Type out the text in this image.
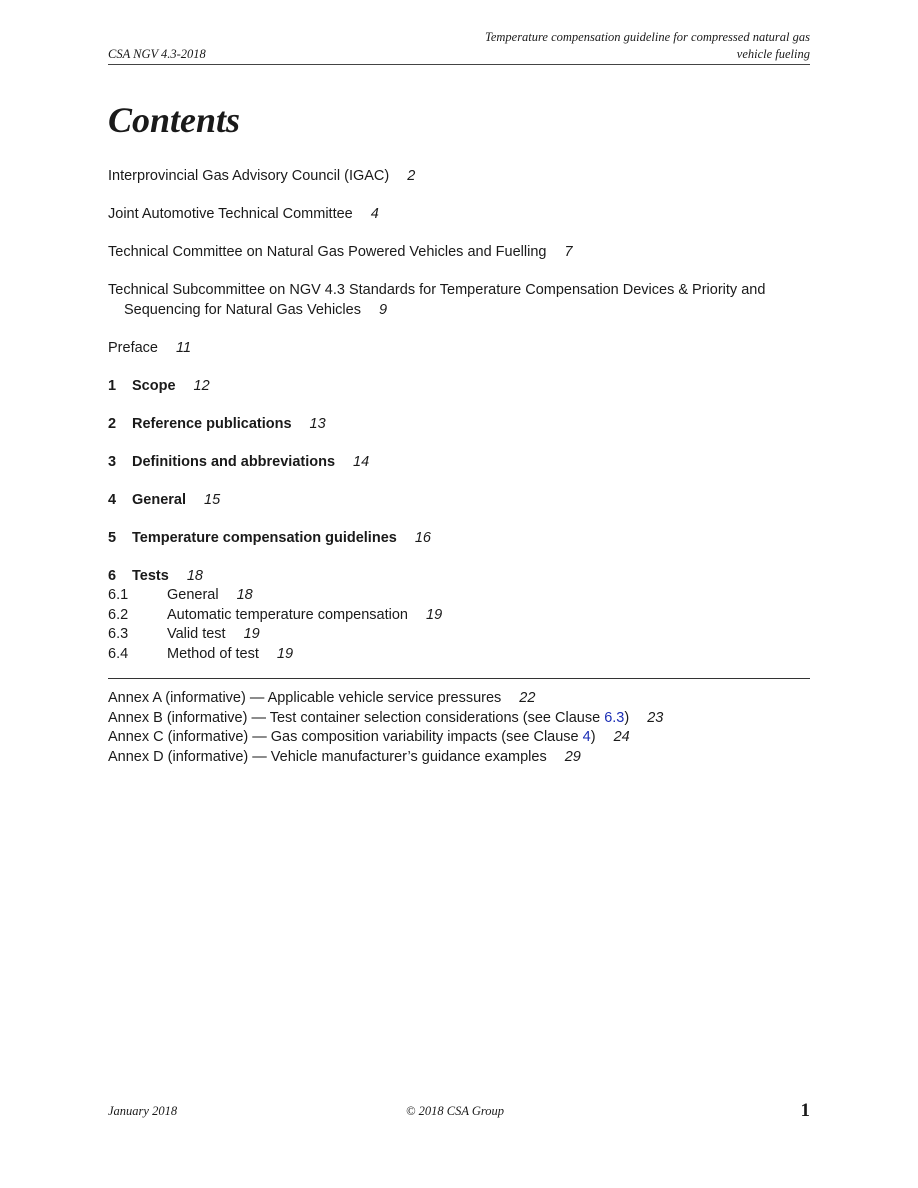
CSA NGV 4.3-2018
Temperature compensation guideline for compressed natural gas
vehicle fueling
Contents
Interprovincial Gas Advisory Council (IGAC) 2
Joint Automotive Technical Committee 4
Technical Committee on Natural Gas Powered Vehicles and Fuelling 7
Technical Subcommittee on NGV 4.3 Standards for Temperature Compensation Devices & Priority and Sequencing for Natural Gas Vehicles 9
Preface 11
1 Scope 12
2 Reference publications 13
3 Definitions and abbreviations 14
4 General 15
5 Temperature compensation guidelines 16
6 Tests 18
6.1	General 18
6.2	Automatic temperature compensation 19
6.3	Valid test 19
6.4	Method of test 19
Annex A (informative) — Applicable vehicle service pressures 22
Annex B (informative) — Test container selection considerations (see Clause 6.3) 23
Annex C (informative) — Gas composition variability impacts (see Clause 4) 24
Annex D (informative) — Vehicle manufacturer’s guidance examples 29
January 2018	© 2018 CSA Group	1
